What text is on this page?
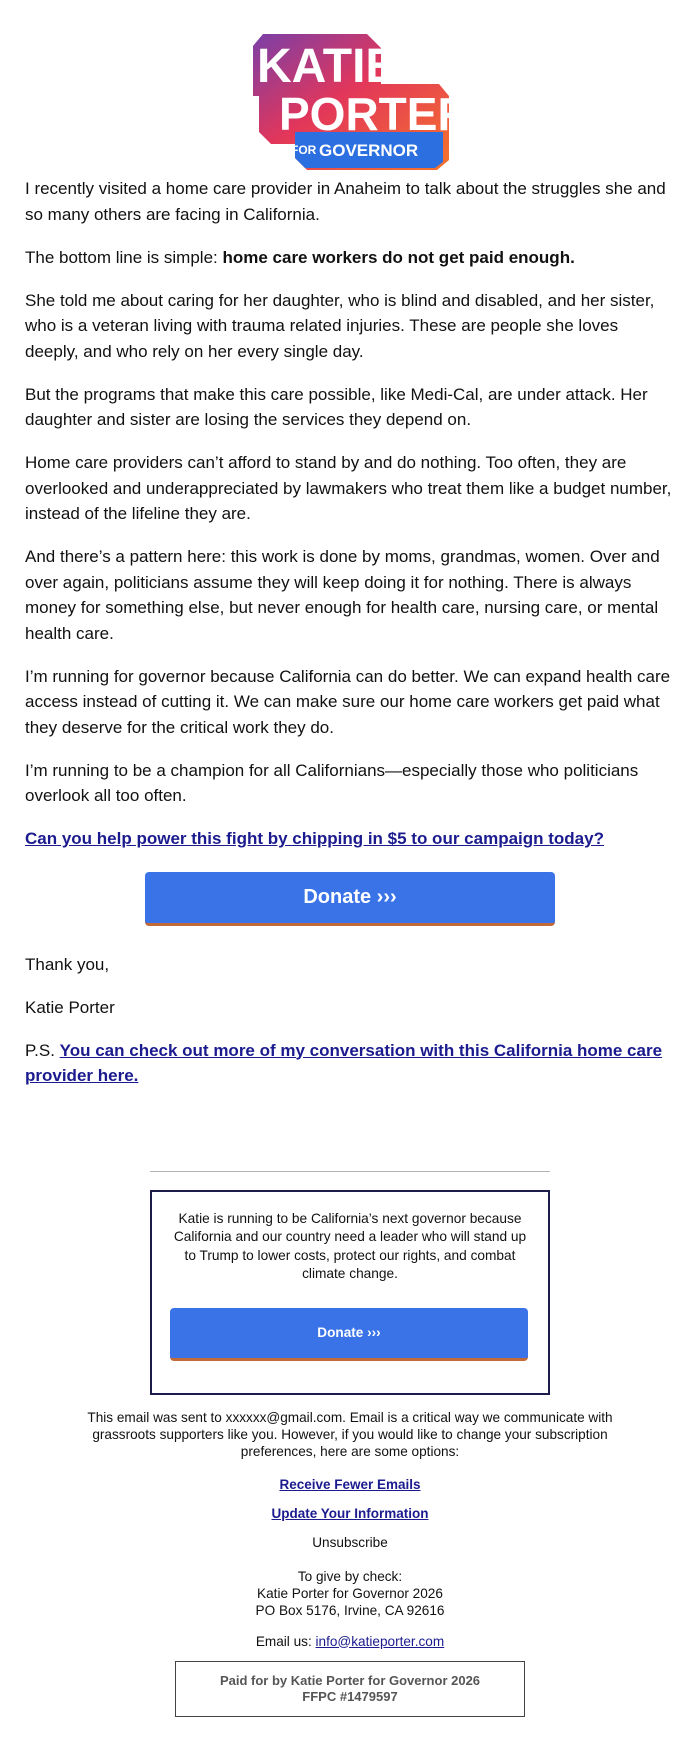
KATIE
PORTER
FOR GOVERNOR

I recently visited a home care provider in Anaheim to talk about the struggles she and so many others are facing in California.

The bottom line is simple: home care workers do not get paid enough.

She told me about caring for her daughter, who is blind and disabled, and her sister, who is a veteran living with trauma related injuries. These are people she loves deeply, and who rely on her every single day.

But the programs that make this care possible, like Medi-Cal, are under attack. Her daughter and sister are losing the services they depend on.

Home care providers can’t afford to stand by and do nothing. Too often, they are overlooked and underappreciated by lawmakers who treat them like a budget number, instead of the lifeline they are.

And there’s a pattern here: this work is done by moms, grandmas, women. Over and over again, politicians assume they will keep doing it for nothing. There is always money for something else, but never enough for health care, nursing care, or mental health care.

I’m running for governor because California can do better. We can expand health care access instead of cutting it. We can make sure our home care workers get paid what they deserve for the critical work they do.

I’m running to be a champion for all Californians—especially those who politicians overlook all too often.

Can you help power this fight by chipping in $5 to our campaign today?

Donate ›››

Thank you,

Katie Porter

P.S. You can check out more of my conversation with this California home care provider here.

Katie is running to be California’s next governor because California and our country need a leader who will stand up to Trump to lower costs, protect our rights, and combat climate change.
Donate ›››
This email was sent to xxxxxx@gmail.com. Email is a critical way we communicate with grassroots supporters like you. However, if you would like to change your subscription preferences, here are some options:
Receive Fewer Emails
Update Your Information
Unsubscribe
To give by check:
Katie Porter for Governor 2026
PO Box 5176, Irvine, CA 92616
Email us: info@katieporter.com
Paid for by Katie Porter for Governor 2026
FFPC #1479597
